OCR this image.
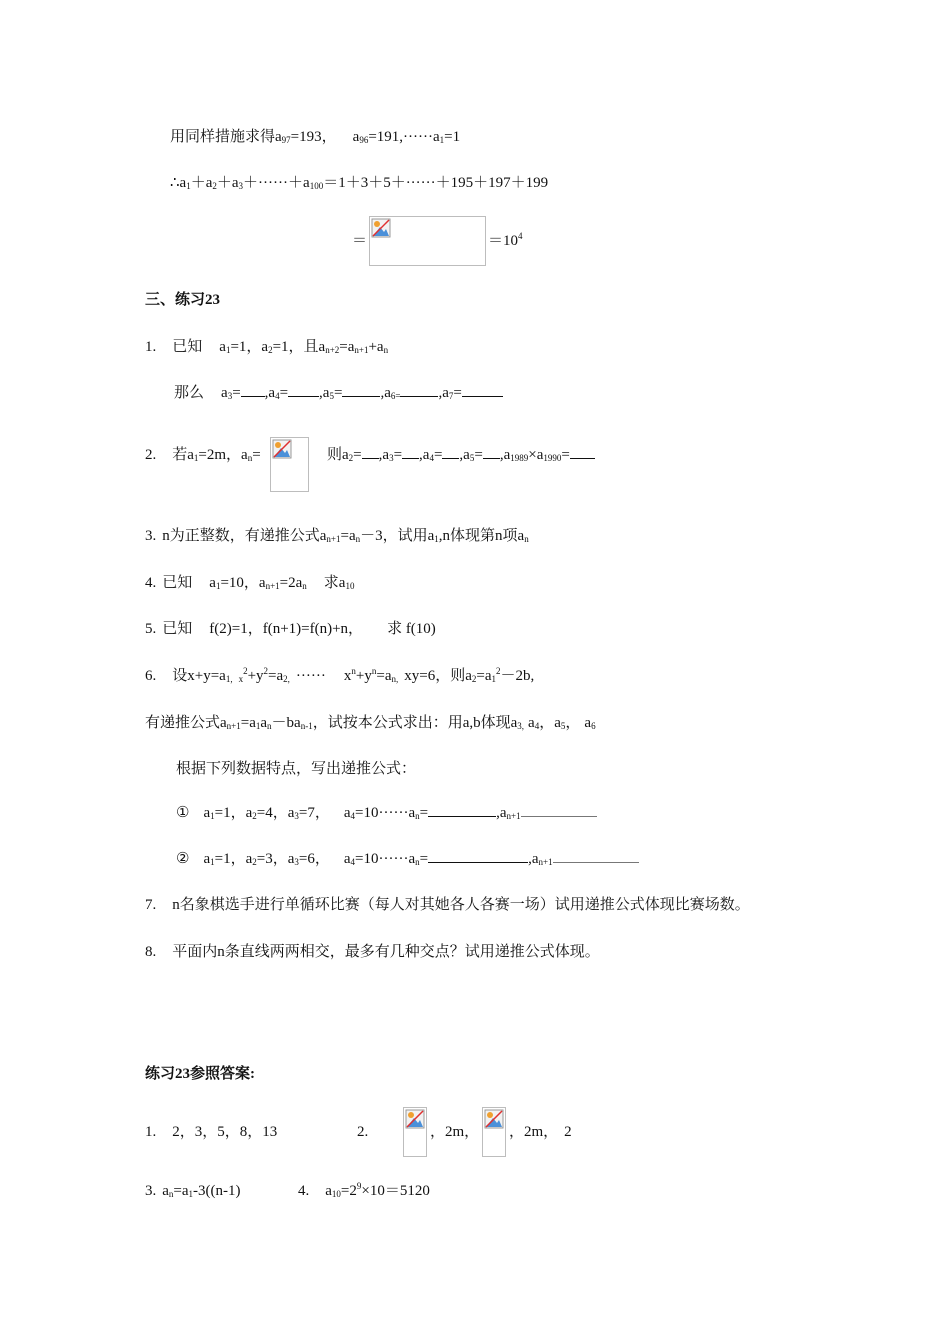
用同样措施求得$a_{97}=193$， $a_{96}=191,\cdot\cdot\cdot\cdot\cdot\cdot a_1=1$
$\therefore a_1+a_2+a_3+\cdot\cdot\cdot\cdot\cdot\cdot+a_{100}=1+3+5+\cdot\cdot\cdot\cdot\cdot\cdot+195+197+199$
＝	$=10^4$
三、练习23
1. 已知 $a_1=1$，$a_2=1$，且$a_{n+2}=a_{n+1}+a_n$
那么 $a_3= ,a_4= ,a_5=$	$,a_{6=}$	$,a_7=$
2. 若$a_1=2m$，$a_n=$	则$a_2= ,a_3= ,a_4= ,a_5= ,a_{1989}\times a_{1990}=$
3. n为正整数，有递推公式$a_{n+1}=a_n-3$，试用$a_1,n$体现第n项$a_n$
4. 已知 $a_1=10$，$a_{n+1}=2a_n$ 求$a_{10}$
5. 已知 f(2)=1，f(n+1)=f(n)+n， 求 f(10)
6. 设$x+y=a_{1,}$ $_x^2+y^2=a_{2,}$ ······ $x^n+y^n=a_{n,}$ xy=6，则$a_2=a_1^2-2b$,
有递推公式$a_{n+1}=a_1a_n-ba_{n-1}$，试按本公式求出：用a,b体现$a_{3,}$ $a_4$，$a_5$， $a_6$
根据下列数据特点，写出递推公式：
① $a_1=1$，$a_2=4$，$a_3=7$， $a_4=10\cdot\cdot\cdot\cdot\cdot\cdot a_n=$	$,a_{n+1}$
② $a_1=1$，$a_2=3$，$a_3=6$， $a_4=10\cdot\cdot\cdot\cdot\cdot\cdot a_n=$	$,a_{n+1}$
7. n名象棋选手进行单循环比赛（每人对其她各人各赛一场）试用递推公式体现比赛场数。
8. 平面内n条直线两两相交，最多有几种交点？试用递推公式体现。
练习23参照答案:
1. 2，3，5，8，13	2.	，2m， ，2m， 2
3. $a_n=a_1-3((n-1)$	4. $a_{10}=2^9\times 10=5120$
